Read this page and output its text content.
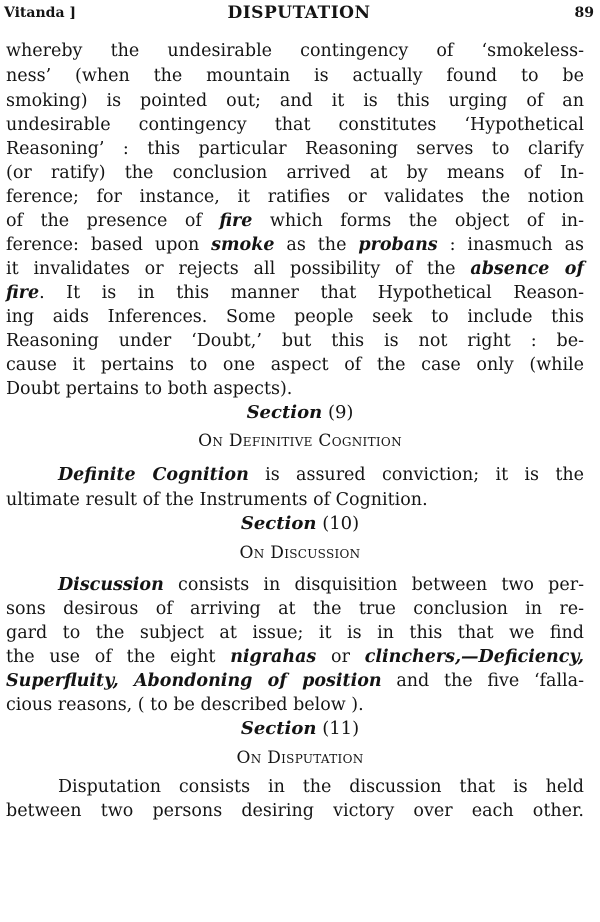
Vitanda ]	DISPUTATION	89
whereby the undesirable contingency of ‘smokeless-
ness’ (when the mountain is actually found to be
smoking) is pointed out; and it is this urging of an
undesirable contingency that constitutes ‘Hypothetical
Reasoning’ : this particular Reasoning serves to clarify
(or ratify) the conclusion arrived at by means of In-
ference; for instance, it ratifies or validates the notion
of the presence of fire which forms the object of in-
ference: based upon smoke as the probans : inasmuch as
it invalidates or rejects all possibility of the absence of
fire. It is in this manner that Hypothetical Reason-
ing aids Inferences. Some people seek to include this
Reasoning under ‘Doubt,’ but this is not right : be-
cause it pertains to one aspect of the case only (while
Doubt pertains to both aspects).
Section (9)
On Definitive Cognition
Definite Cognition is assured conviction; it is the
ultimate result of the Instruments of Cognition.
Section (10)
On Discussion
Discussion consists in disquisition between two per-
sons desirous of arriving at the true conclusion in re-
gard to the subject at issue; it is in this that we find
the use of the eight nigrahas or clinchers,—Deficiency,
Superfluity, Abondoning of position and the five ‘falla-
cious reasons, ( to be described below ).
Section (11)
On Disputation
Disputation consists in the discussion that is held
between two persons desiring victory over each other.
